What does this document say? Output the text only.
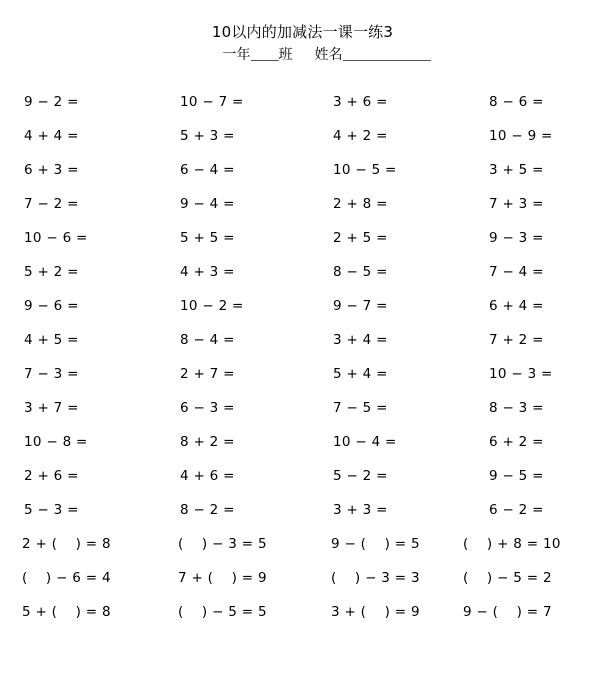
10以内的加减法一课一练3
一年 班 姓名
9 − 2 =	10 − 7 =	3 + 6 =	8 − 6 =
4 + 4 =	5 + 3 =	4 + 2 =	10 − 9 =
6 + 3 =	6 − 4 =	10 − 5 =	3 + 5 =
7 − 2 =	9 − 4 =	2 + 8 =	7 + 3 =
10 − 6 =	5 + 5 =	2 + 5 =	9 − 3 =
5 + 2 =	4 + 3 =	8 − 5 =	7 − 4 =
9 − 6 =	10 − 2 =	9 − 7 =	6 + 4 =
4 + 5 =	8 − 4 =	3 + 4 =	7 + 2 =
7 − 3 =	2 + 7 =	5 + 4 =	10 − 3 =
3 + 7 =	6 − 3 =	7 − 5 =	8 − 3 =
10 − 8 =	8 + 2 =	10 − 4 =	6 + 2 =
2 + 6 =	4 + 6 =	5 − 2 =	9 − 5 =
5 − 3 =	8 − 2 =	3 + 3 =	6 − 2 =
2 + (    ) = 8	(    ) − 3 = 5	9 − (    ) = 5	(    ) + 8 = 10
(    ) − 6 = 4	7 + (    ) = 9	(    ) − 3 = 3	(    ) − 5 = 2
5 + (    ) = 8	(    ) − 5 = 5	3 + (    ) = 9	9 − (    ) = 7
